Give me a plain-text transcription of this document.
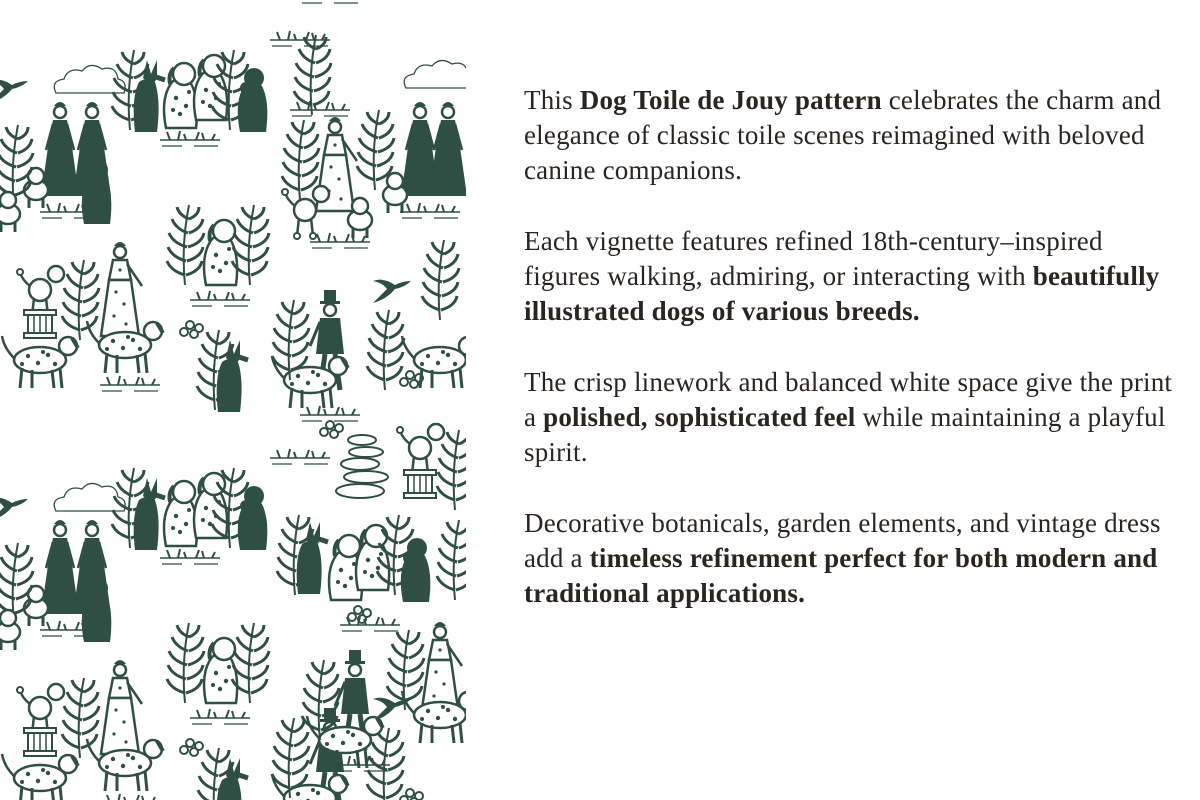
This Dog Toile de Jouy pattern celebrates the charm and elegance of classic toile scenes reimagined with beloved canine companions.

Each vignette features refined 18th-century–inspired figures walking, admiring, or interacting with beautifully illustrated dogs of various breeds.

The crisp linework and balanced white space give the print a polished, sophisticated feel while maintaining a playful spirit.

Decorative botanicals, garden elements, and vintage dress add a timeless refinement perfect for both modern and traditional applications.
